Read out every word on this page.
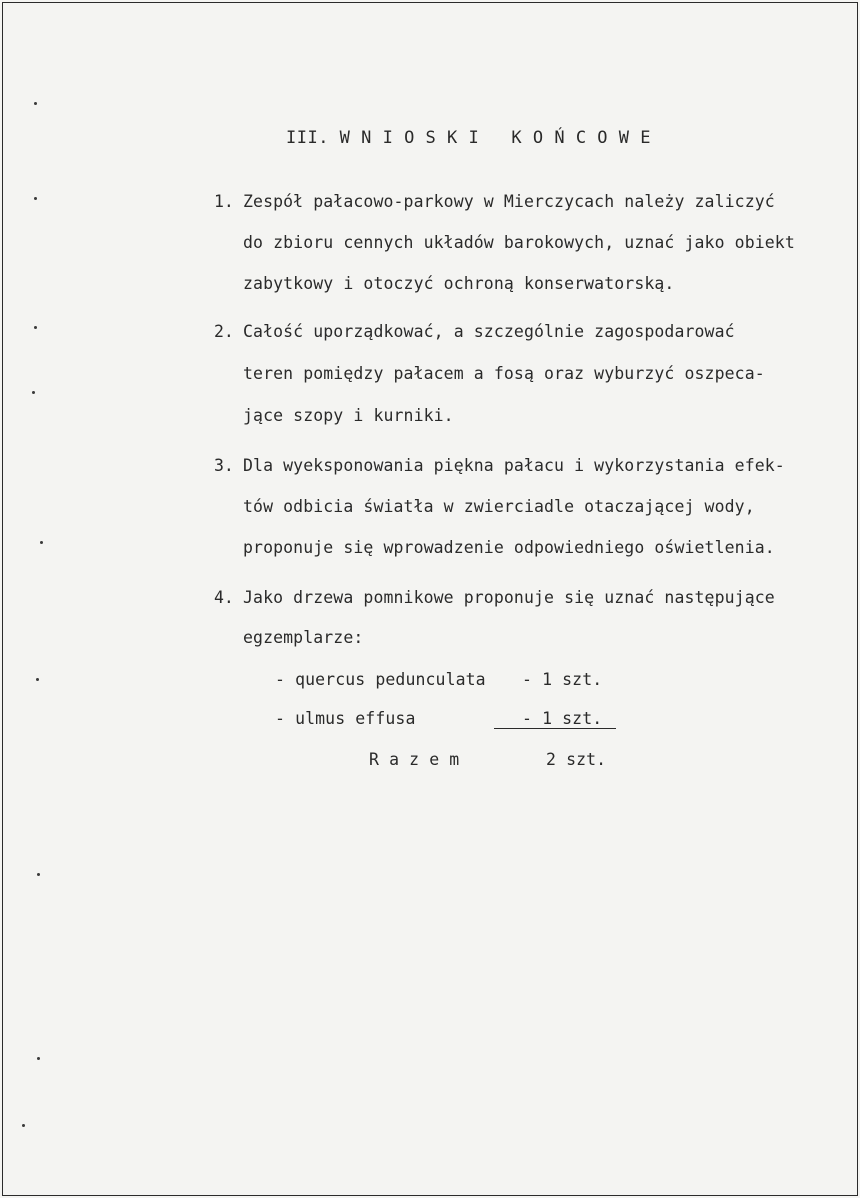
III. W N I O S K I   K O Ń C O W E
1. Zespół pałacowo-parkowy w Mierczycach należy zaliczyć
do zbioru cennych układów barokowych, uznać jako obiekt
zabytkowy i otoczyć ochroną konserwatorską.
2. Całość uporządkować, a szczególnie zagospodarować
teren pomiędzy pałacem a fosą oraz wyburzyć oszpeca-
jące szopy i kurniki.
3. Dla wyeksponowania piękna pałacu i wykorzystania efek-
tów odbicia światła w zwierciadle otaczającej wody,
proponuje się wprowadzenie odpowiedniego oświetlenia.
4. Jako drzewa pomnikowe proponuje się uznać następujące
egzemplarze:
- quercus pedunculata - 1 szt.
- ulmus effusa	- 1 szt.
R a z e m	2 szt.
